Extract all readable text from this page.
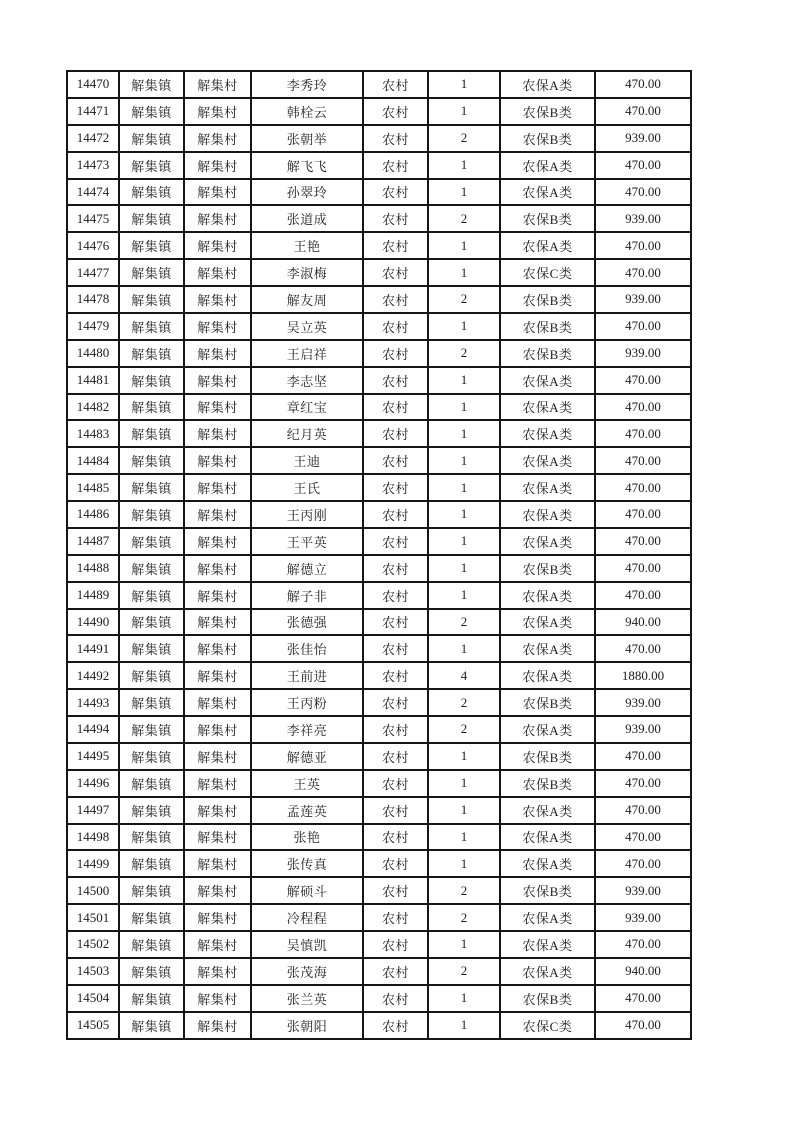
14470	解集镇	解集村	李秀玲	农村	1	农保A类	470.00
14471	解集镇	解集村	韩栓云	农村	1	农保B类	470.00
14472	解集镇	解集村	张朝举	农村	2	农保B类	939.00
14473	解集镇	解集村	解飞飞	农村	1	农保A类	470.00
14474	解集镇	解集村	孙翠玲	农村	1	农保A类	470.00
14475	解集镇	解集村	张道成	农村	2	农保B类	939.00
14476	解集镇	解集村	王艳	农村	1	农保A类	470.00
14477	解集镇	解集村	李淑梅	农村	1	农保C类	470.00
14478	解集镇	解集村	解友周	农村	2	农保B类	939.00
14479	解集镇	解集村	吴立英	农村	1	农保B类	470.00
14480	解集镇	解集村	王启祥	农村	2	农保B类	939.00
14481	解集镇	解集村	李志坚	农村	1	农保A类	470.00
14482	解集镇	解集村	章红宝	农村	1	农保A类	470.00
14483	解集镇	解集村	纪月英	农村	1	农保A类	470.00
14484	解集镇	解集村	王迪	农村	1	农保A类	470.00
14485	解集镇	解集村	王氏	农村	1	农保A类	470.00
14486	解集镇	解集村	王丙刚	农村	1	农保A类	470.00
14487	解集镇	解集村	王平英	农村	1	农保A类	470.00
14488	解集镇	解集村	解德立	农村	1	农保B类	470.00
14489	解集镇	解集村	解子非	农村	1	农保A类	470.00
14490	解集镇	解集村	张德强	农村	2	农保A类	940.00
14491	解集镇	解集村	张佳怡	农村	1	农保A类	470.00
14492	解集镇	解集村	王前进	农村	4	农保A类	1880.00
14493	解集镇	解集村	王丙粉	农村	2	农保B类	939.00
14494	解集镇	解集村	李祥亮	农村	2	农保A类	939.00
14495	解集镇	解集村	解德亚	农村	1	农保B类	470.00
14496	解集镇	解集村	王英	农村	1	农保B类	470.00
14497	解集镇	解集村	孟莲英	农村	1	农保A类	470.00
14498	解集镇	解集村	张艳	农村	1	农保A类	470.00
14499	解集镇	解集村	张传真	农村	1	农保A类	470.00
14500	解集镇	解集村	解硕斗	农村	2	农保B类	939.00
14501	解集镇	解集村	冷程程	农村	2	农保A类	939.00
14502	解集镇	解集村	吴慎凯	农村	1	农保A类	470.00
14503	解集镇	解集村	张茂海	农村	2	农保A类	940.00
14504	解集镇	解集村	张兰英	农村	1	农保B类	470.00
14505	解集镇	解集村	张朝阳	农村	1	农保C类	470.00
